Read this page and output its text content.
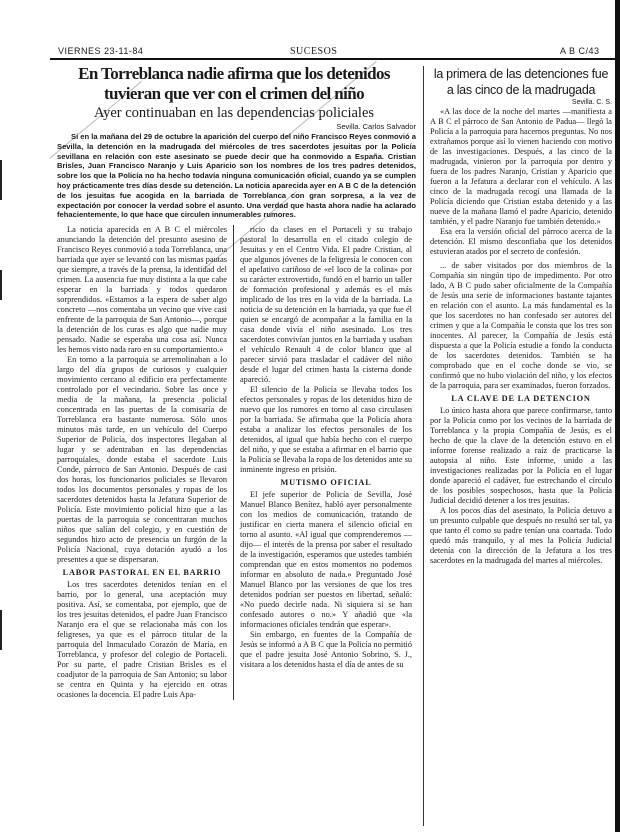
VIERNES 23-11-84	SUCESOS	A B C/43
En Torreblanca nadie afirma que los detenidos tuvieran que ver con el crimen del niño
Ayer continuaban en las dependencias policiales
Sevilla. Carlos Salvador
Si en la mañana del 29 de octubre la aparición del cuerpo del niño Francisco Reyes conmovió a Sevilla, la detención en la madrugada del miércoles de tres sacerdotes jesuitas por la Policía sevillana en relación con este asesinato se puede decir que ha conmovido a España. Cristian Brisles, Juan Francisco Naranjo y Luis Aparicio son los nombres de los tres padres detenidos, sobre los que la Policía no ha hecho todavía ninguna comunicación oficial, cuando ya se cumplen hoy prácticamente tres días desde su detención. La noticia aparecida ayer en A B C de la detención de los jesuitas fue acogida en la barriada de Torreblanca con gran sorpresa, a la vez de expectación por conocer la verdad sobre el asunto. Una verdad que hasta ahora nadie ha aclarado fehacientemente, lo que hace que circulen innumerables rumores.

La noticia aparecida en A B C el miércoles anunciando la detención del presunto asesino de Francisco Reyes conmovió a toda Torreblanca, una barriada que ayer se levantó con las mismas pautas que siempre, a través de la prensa, la identidad del crimen. La ausencia fue muy distinta a la que cabe esperar en la barriada y todos quedaron sorprendidos. «Estamos a la espera de saber algo concreto —nos comentaba un vecino que vive casi enfrente de la parroquia de San Antonio—, porque la detención de los curas es algo que nadie muy pensado. Nadie se esperaba una cosa así. Nunca les hemos visto nada raro en su comportamiento.»

En torno a la parroquia se arremolinaban a lo largo del día grupos de curiosos y cualquier movimiento cercano al edificio era perfectamente controlado por el vecindario. Sobre las once y media de la mañana, la presencia policial concentrada en las puertas de la comisaría de Torreblanca era bastante numerosa. Sólo unos minutos más tarde, en un vehículo del Cuerpo Superior de Policía, dos inspectores llegaban al lugar y se adentraban en las dependencias parroquiales, donde estaba el sacerdote Luis Conde, párroco de San Antonio. Después de casi dos horas, los funcionarios policiales se llevaron todos los documentos personales y ropas de los sacerdotes detenidos hasta la Jefatura Superior de Policía. Este movimiento policial hizo que a las puertas de la parroquia se concentraran muchos niños que salían del colegio, y en cuestión de segundos hizo acto de presencia un furgón de la Policía Nacional, cuya dotación ayudó a los presentes a que se dispersaran.

LABOR PASTORAL EN EL BARRIO

Los tres sacerdotes detenidos tenían en el barrio, por lo general, una aceptación muy positiva. Así, se comentaba, por ejemplo, que de los tres jesuitas detenidos, el padre Juan Francisco Naranjo era el que se relacionaba más con los feligreses, ya que es el párroco titular de la parroquia del Inmaculado Corazón de María, en Torreblanca, y profesor del colegio de Portaceli. Por su parte, el padre Cristian Brisles es el coadjutor de la parroquia de San Antonio; su labor se centra en Quinta y ha ejercido en otras ocasiones la docencia. El padre Luis Apa-

ricio da clases en el Portaceli y su trabajo pastoral lo desarrolla en el citado colegio de Jesuitas y en el Centro Vida. El padre Cristian, al que algunos jóvenes de la feligresía le conocen con el apelativo cariñoso de «el loco de la colina» por su carácter extrovertido, fundó en el barrio un taller de formación profesional y además es el más implicado de los tres en la vida de la barriada. La noticia de su detención en la barriada, ya que fue él quien se encargó de acompañar a la familia en la casa donde vivía el niño asesinado. Los tres sacerdotes convivían juntos en la barriada y usaban el vehículo Renault 4 de color blanco que al parecer sirvió para trasladar el cadáver del niño desde el lugar del crimen hasta la cisterna donde apareció.

El silencio de la Policía se llevaba todos los efectos personales y ropas de los detenidos hizo de nuevo que los rumores en torno al caso circulasen por la barriada. Se afirmaba que la Policía ahora estaba a analizar los efectos personales de los detenidos, al igual que había hecho con el cuerpo del niño, y que se estaba a afirmar en el barrio que la Policía se llevaba la ropa de los detenidos ante su inminente ingreso en prisión.

MUTISMO OFICIAL

El jefe superior de Policía de Sevilla, José Manuel Blanco Benítez, habló ayer personalmente con los medios de comunicación, tratando de justificar en cierta manera el silencio oficial en torno al asunto. «Al igual que comprenderemos —dijo— el interés de la prensa por saber el resultado de la investigación, esperamos que ustedes también comprendan que en estos momentos no podemos informar en absoluto de nada.» Preguntado José Manuel Blanco por las versiones de que los tres detenidos podrían ser puestos en libertad, señaló: «No puedo decirle nada. Ni siquiera si se han confesado autores o no.» Y añadió que «la informaciones oficiales tendrán que esperar».

Sin embargo, en fuentes de la Compañía de Jesús se informó a A B C que la Policía no permitió que el padre jesuita José Antonio Sobrino, S. J., visitara a los detenidos hasta el día de antes de su

la primera de las detenciones fue a las cinco de la madrugada
Sevilla. C. S.

«A las doce de la noche del martes —manifiesta a A B C el párroco de San Antonio de Padua— llegó la Policía a la parroquia para hacernos preguntas. No nos extrañamos porque así lo vienen haciendo con motivo de las investigaciones. Después, a las cinco de la madrugada, vinieron por la parroquia por dentro y fuera de los padres Naranjo, Cristian y Aparicio que fueron a la Jefatura a declarar con el vehículo. A las cinco de la madrugada recogí una llamada de la Policía diciendo que Cristian estaba detenido y a las nueve de la mañana llamó el padre Aparicio, detenido también, y el padre Naranjo fue también detenido.»

Esa era la versión oficial del párroco acerca de la detención. El mismo desconfiaba que los detenidos estuvieran atados por el secreto de confesión.

... de saber visitados por dos miembros de la Compañía sin ningún tipo de impedimento. Por otro lado, A B C pudo saber oficialmente de la Compañía de Jesús una serie de informaciones bastante tajantes en relación con el asunto. La más fundamental es la que los sacerdotes no han confesado ser autores del crimen y que a la Compañía le consta que los tres son inocentes. Al parecer, la Compañía de Jesús está dispuesta a que la Policía estudie a fondo la conducta de los sacerdotes detenidos. También se ha comprobado que en el coche donde se vio, se confirmó que no hubo violación del niño, y los efectos de la parroquia, para ser examinados, fueron forzados.

LA CLAVE DE LA DETENCION

Lo único hasta ahora que parece confirmarse, tanto por la Policía como por los vecinos de la barriada de Torreblanca y la propia Compañía de Jesús, es el hecho de que la clave de la detención estuvo en el informe forense realizado a raíz de practicarse la autopsia al niño. Este informe, unido a las investigaciones realizadas por la Policía en el lugar donde apareció el cadáver, fue estrechando el círculo de los posibles sospechosos, hasta que la Policía Judicial decidió detener a los tres jesuitas.

A los pocos días del asesinato, la Policía detuvo a un presunto culpable que después no resultó ser tal, ya que tanto él como su padre tenían una coartada. Todo quedó más tranquilo, y al mes la Policía Judicial detenía con la dirección de la Jefatura a los tres sacerdotes en la madrugada del martes al miércoles.
